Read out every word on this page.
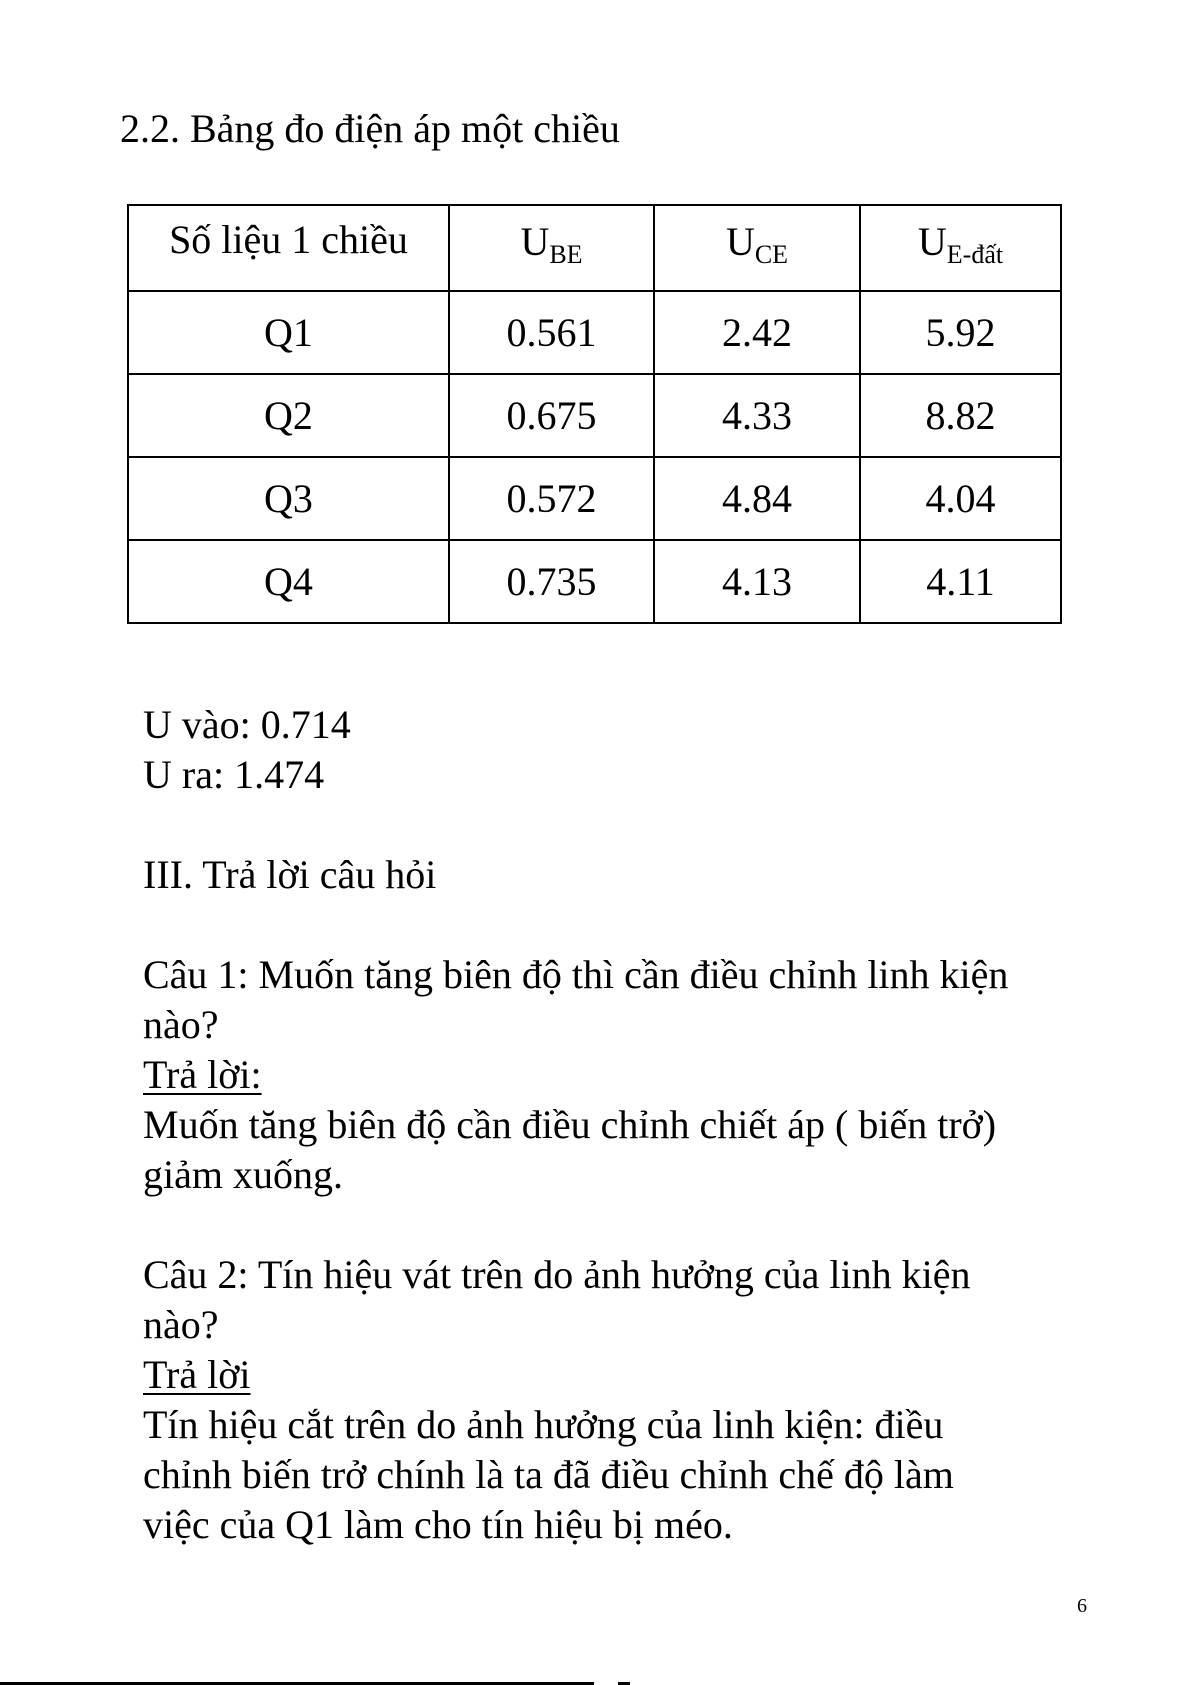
2.2. Bảng đo điện áp một chiều
Số liệu 1 chiều	$U_{BE}$	$U_{CE}$	$U_{E-đất}$
Q1	0.561	2.42	5.92
Q2	0.675	4.33	8.82
Q3	0.572	4.84	4.04
Q4	0.735	4.13	4.11
U vào: 0.714
U ra: 1.474
III. Trả lời câu hỏi
Câu 1: Muốn tăng biên độ thì cần điều chỉnh linh kiện
nào?
Trả lời:
Muốn tăng biên độ cần điều chỉnh chiết áp ( biến trở)
giảm xuống.
Câu 2: Tín hiệu vát trên do ảnh hưởng của linh kiện
nào?
Trả lời
Tín hiệu cắt trên do ảnh hưởng của linh kiện: điều
chỉnh biến trở chính là ta đã điều chỉnh chế độ làm
việc của Q1 làm cho tín hiệu bị méo.
6
